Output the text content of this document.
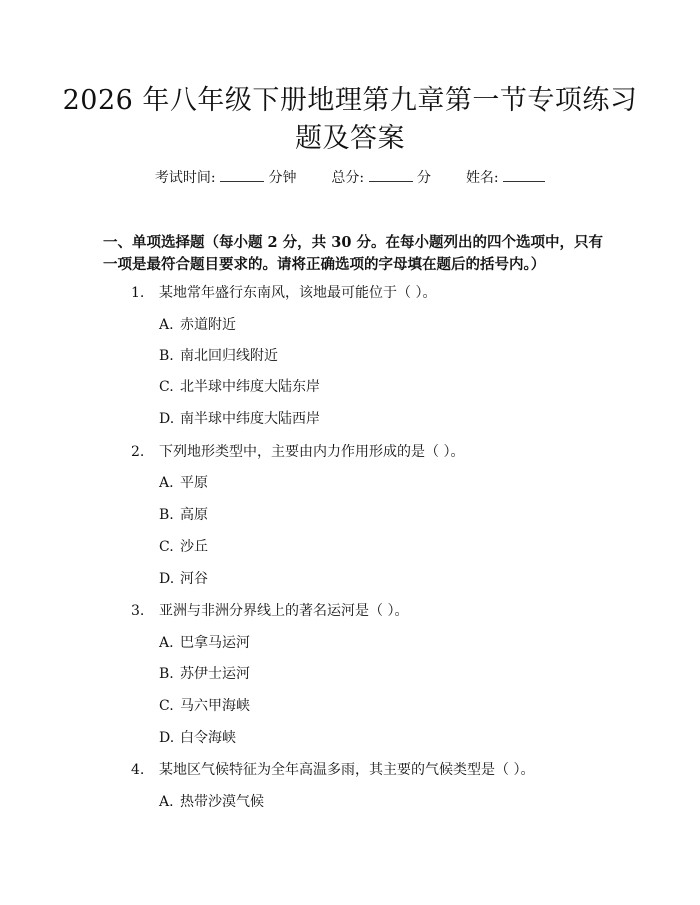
2026 年八年级下册地理第九章第一节专项练习题及答案
考试时间:	分钟 总分:	分 姓名:
一、单项选择题（每小题 2 分，共 30 分。在每小题列出的四个选项中，只有一项是最符合题目要求的。请将正确选项的字母填在题后的括号内。）
1. 某地常年盛行东南风，该地最可能位于（ ）。
A. 赤道附近
B. 南北回归线附近
C. 北半球中纬度大陆东岸
D. 南半球中纬度大陆西岸
2. 下列地形类型中，主要由内力作用形成的是（ ）。
A. 平原
B. 高原
C. 沙丘
D. 河谷
3. 亚洲与非洲分界线上的著名运河是（ ）。
A. 巴拿马运河
B. 苏伊士运河
C. 马六甲海峡
D. 白令海峡
4. 某地区气候特征为全年高温多雨，其主要的气候类型是（ ）。
A. 热带沙漠气候
